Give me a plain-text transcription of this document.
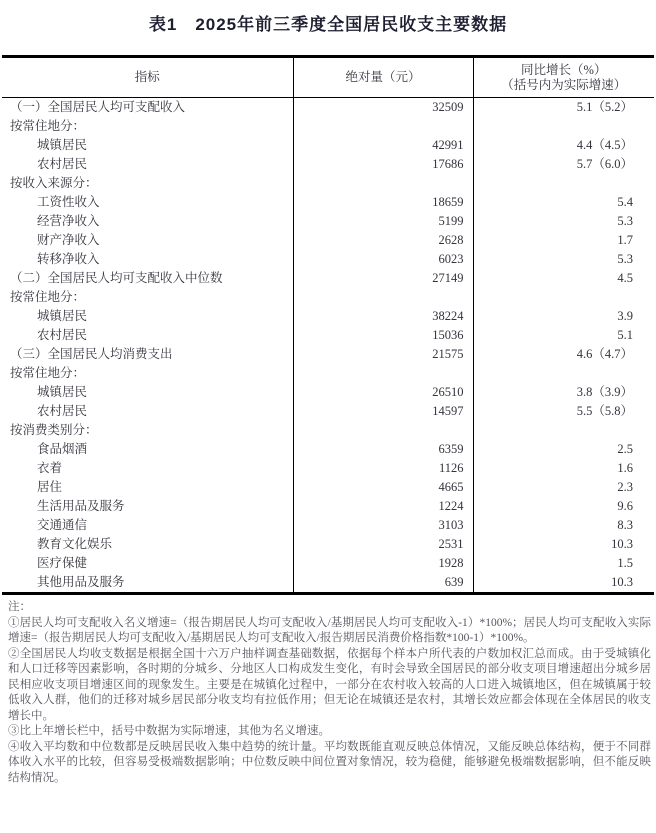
表1　2025年前三季度全国居民收支主要数据
指标	绝对量（元）	同比增长（%）
（括号内为实际增速）

（一）全国居民人均可支配收入	32509	5.1（5.2）
按常住地分：		
城镇居民	42991	4.4（4.5）
农村居民	17686	5.7（6.0）
按收入来源分：		
工资性收入	18659	5.4
经营净收入	5199	5.3
财产净收入	2628	1.7
转移净收入	6023	5.3
（二）全国居民人均可支配收入中位数	27149	4.5
按常住地分：		
城镇居民	38224	3.9
农村居民	15036	5.1
（三）全国居民人均消费支出	21575	4.6（4.7）
按常住地分：		
城镇居民	26510	3.8（3.9）
农村居民	14597	5.5（5.8）
按消费类别分：		
食品烟酒	6359	2.5
衣着	1126	1.6
居住	4665	2.3
生活用品及服务	1224	9.6
交通通信	3103	8.3
教育文化娱乐	2531	10.3
医疗保健	1928	1.5
其他用品及服务	639	10.3

注：

①居民人均可支配收入名义增速=（报告期居民人均可支配收入/基期居民人均可支配收入-1）*100%；居民人均可支配收入实际增速=（报告期居民人均可支配收入/基期居民人均可支配收入/报告期居民消费价格指数*100-1）*100%。

②全国居民人均收支数据是根据全国十六万户抽样调查基础数据，依据每个样本户所代表的户数加权汇总而成。由于受城镇化和人口迁移等因素影响，各时期的分城乡、分地区人口构成发生变化，有时会导致全国居民的部分收支项目增速超出分城乡居民相应收支项目增速区间的现象发生。主要是在城镇化过程中，一部分在农村收入较高的人口进入城镇地区，但在城镇属于较低收入人群，他们的迁移对城乡居民部分收支均有拉低作用；但无论在城镇还是农村，其增长效应都会体现在全体居民的收支增长中。

③比上年增长栏中，括号中数据为实际增速，其他为名义增速。

④收入平均数和中位数都是反映居民收入集中趋势的统计量。平均数既能直观反映总体情况，又能反映总体结构，便于不同群体收入水平的比较，但容易受极端数据影响；中位数反映中间位置对象情况，较为稳健，能够避免极端数据影响，但不能反映结构情况。
